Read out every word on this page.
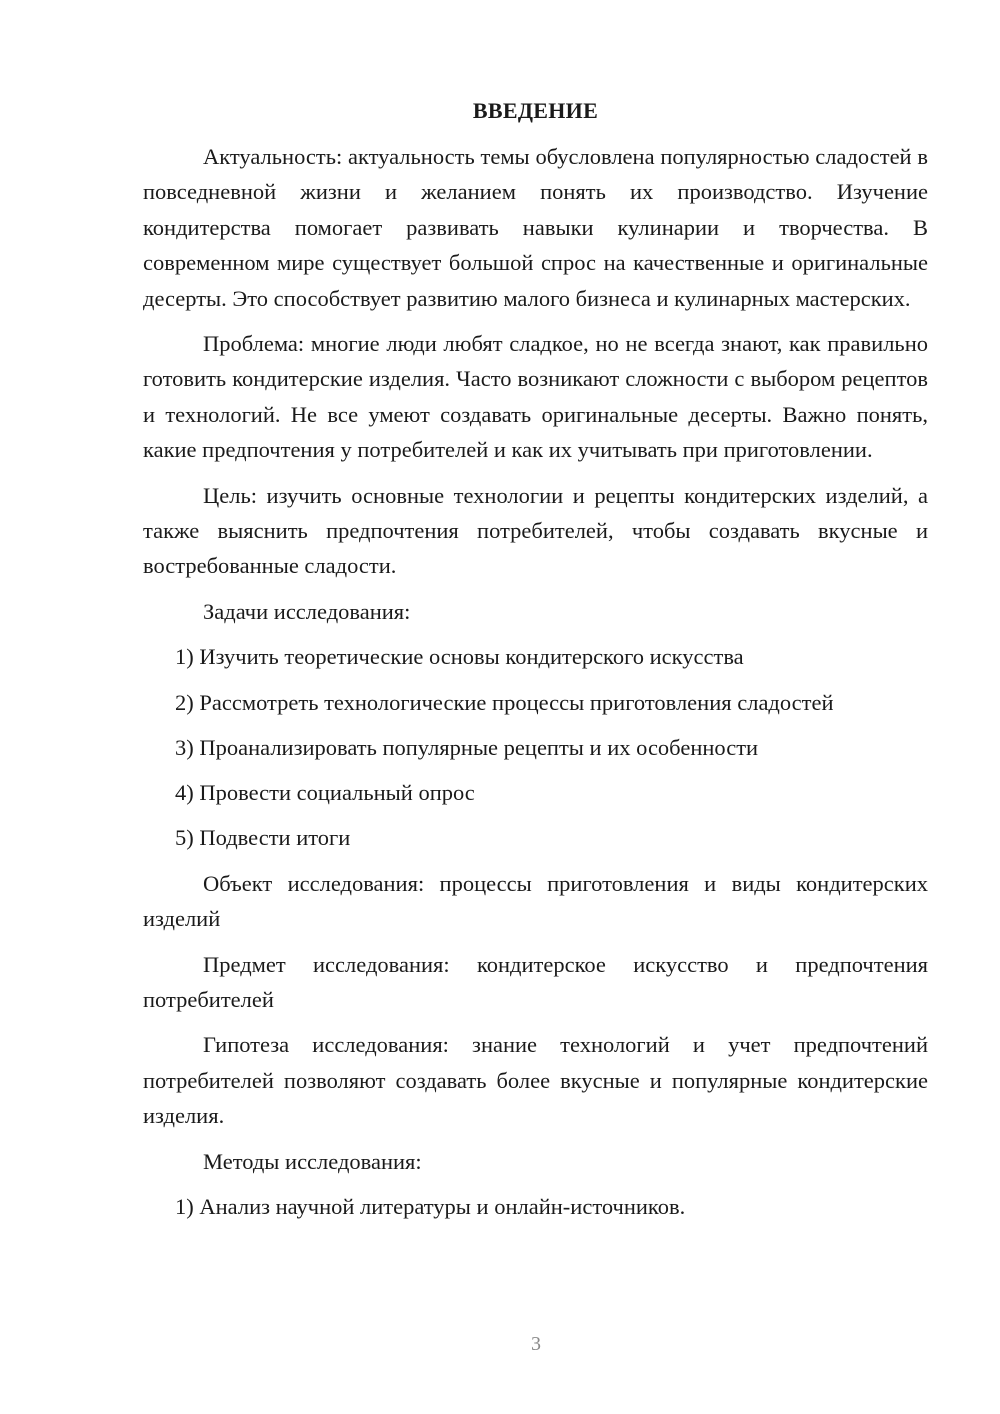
ВВЕДЕНИЕ

Актуальность: актуальность темы обусловлена популярностью сладостей в повседневной жизни и желанием понять их производство. Изучение кондитерства помогает развивать навыки кулинарии и творчества. В современном мире существует большой спрос на качественные и оригинальные десерты. Это способствует развитию малого бизнеса и кулинарных мастерских.

Проблема: многие люди любят сладкое, но не всегда знают, как правильно готовить кондитерские изделия. Часто возникают сложности с выбором рецептов и технологий. Не все умеют создавать оригинальные десерты. Важно понять, какие предпочтения у потребителей и как их учитывать при приготовлении.

Цель: изучить основные технологии и рецепты кондитерских изделий, а также выяснить предпочтения потребителей, чтобы создавать вкусные и востребованные сладости.

Задачи исследования:

1) Изучить теоретические основы кондитерского искусства
2) Рассмотреть технологические процессы приготовления сладостей
3) Проанализировать популярные рецепты и их особенности
4) Провести социальный опрос
5) Подвести итоги

Объект исследования: процессы приготовления и виды кондитерских изделий

Предмет исследования: кондитерское искусство и предпочтения потребителей

Гипотеза исследования: знание технологий и учет предпочтений потребителей позволяют создавать более вкусные и популярные кондитерские изделия.

Методы исследования:

1) Анализ научной литературы и онлайн-источников.
3
